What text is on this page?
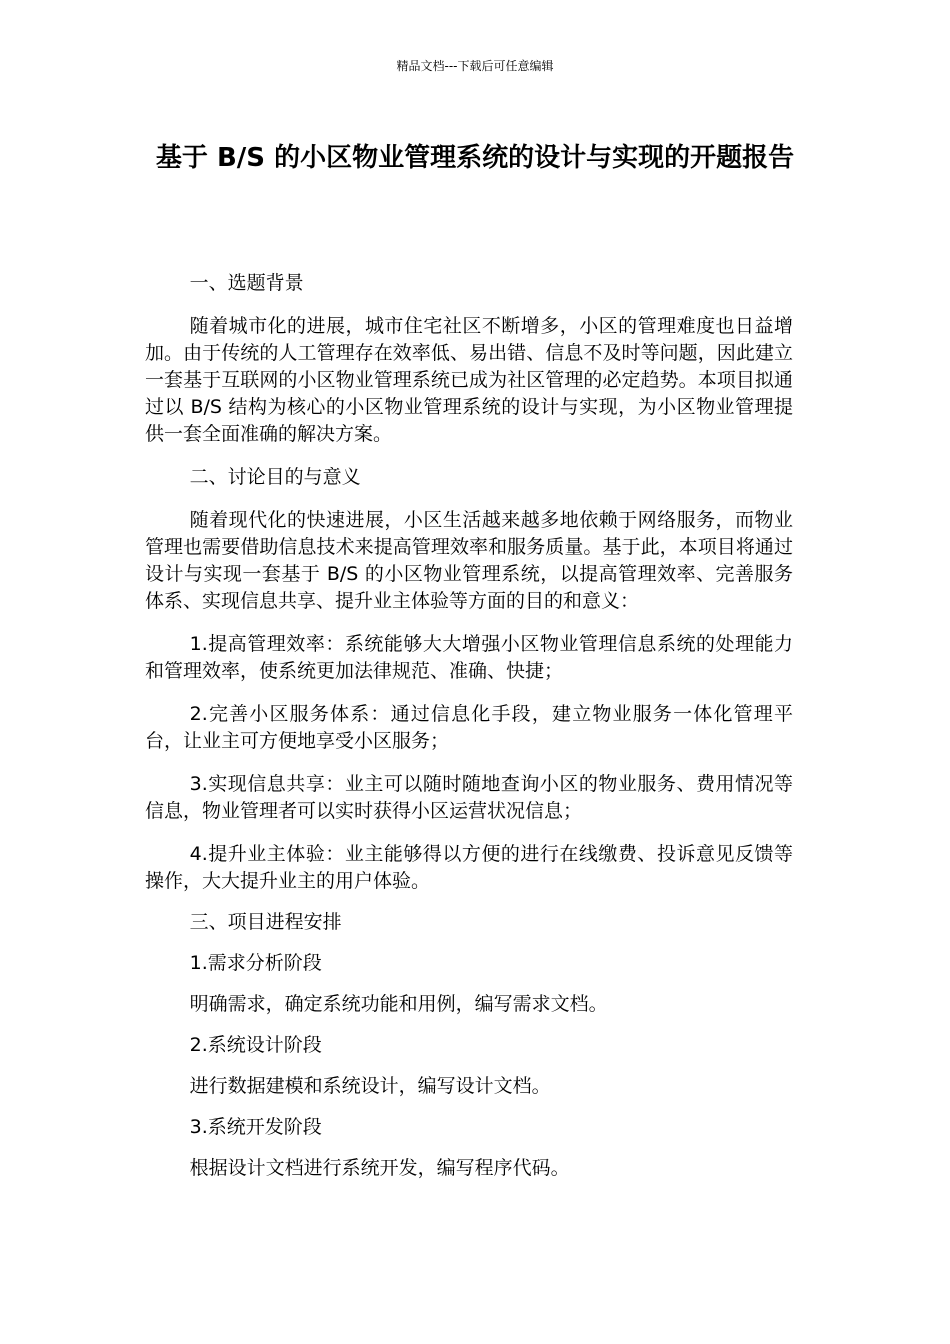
精品文档---下载后可任意编辑
基于 B/S 的小区物业管理系统的设计与实现的开题报告

一、选题背景

随着城市化的进展，城市住宅社区不断增多，小区的管理难度也日益增加。由于传统的人工管理存在效率低、易出错、信息不及时等问题，因此建立一套基于互联网的小区物业管理系统已成为社区管理的必定趋势。本项目拟通过以 B/S 结构为核心的小区物业管理系统的设计与实现，为小区物业管理提供一套全面准确的解决方案。

二、讨论目的与意义

随着现代化的快速进展，小区生活越来越多地依赖于网络服务，而物业管理也需要借助信息技术来提高管理效率和服务质量。基于此，本项目将通过设计与实现一套基于 B/S 的小区物业管理系统，以提高管理效率、完善服务体系、实现信息共享、提升业主体验等方面的目的和意义：

1.提高管理效率：系统能够大大增强小区物业管理信息系统的处理能力和管理效率，使系统更加法律规范、准确、快捷；

2.完善小区服务体系：通过信息化手段，建立物业服务一体化管理平台，让业主可方便地享受小区服务；

3.实现信息共享：业主可以随时随地查询小区的物业服务、费用情况等信息，物业管理者可以实时获得小区运营状况信息；

4.提升业主体验：业主能够得以方便的进行在线缴费、投诉意见反馈等操作，大大提升业主的用户体验。

三、项目进程安排

1.需求分析阶段

明确需求，确定系统功能和用例，编写需求文档。

2.系统设计阶段

进行数据建模和系统设计，编写设计文档。

3.系统开发阶段

根据设计文档进行系统开发，编写程序代码。
